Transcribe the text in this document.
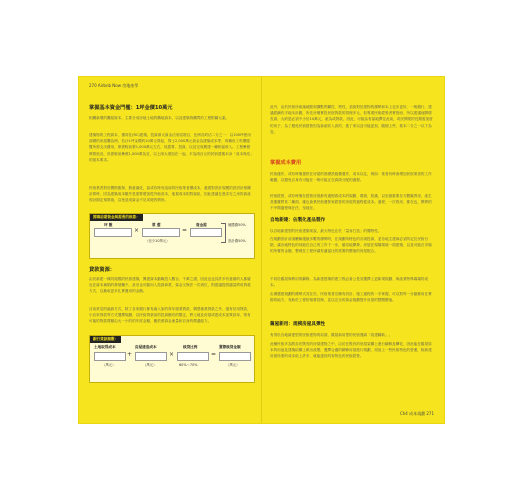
270 Airbnb Now 房地產學
掌握基本資金門檻：1坪金價10萬元
相關新增的購屋資本，主要分成房地土地的購地資本，以及建築物購買的工程附屬元素。
建築物的工程資本，僅同住(RC)建築，投資兩大資金佔房屋項目，比例各約佔二分之一：以100坪使用面積的房屋購為例，若沙1坪金價約10萬元算起，則土2,000萬元資金為建築成本等，再種房工料價健覽所需支出費用，即需較前要1,000萬元左右，故經算，投資，以及完成興建一幢相當收入。工程參照實際狀況，但需較前參照1,000萬為宜，以上兩大項加在一起，平為兩百元的民宿建築本身「成本與估」的基本要求。
民宿業者對於價格擔保，無意識化，甚或有時有說前的民宿業者價成本，還建對設計規模的設設計相關計算時，因為建築成本額外是需要增加從外地成本，他視成本相對資訊，因此建議在進求在之房的資產預計期定預算值，以免造成資金不足或耗的情形。
開幕前期資金與需要的推算：
坪 數
×
單 價
（至少10萬元）
=
資金需	硬體費50%
設計費50%
貸款資源：
由於新建一棟具規模的民宿建築，興建資本動輒投入數百、千萬之譜，因此也也其許多有意創的人都確也在資本補貼的發展輔不，甚至也可動向入投資商業，資金又無法一次到位，則建議提供適量將用貸款方式，以換取更多扎實運用的金額。
目前常見的融資方式，除了各家銀行都有融入如的青年創業貸款，偶型創業貸款之外，還有信用貸款，小店家貸款等方式選擇規劃，以民宿貸款前的投資額有的限定，將土地及房屋或建成本加貸款率，則有可能的貸款算額由大一小的的年度金額，應依照資金流量和自身的償還能力。
銀行貸款額數：
土地取得成本
（萬元）
+
房屋建造成本
（萬元）
×
核貸比例
60%～70%
=
實際核貸金額
（萬元）
此外，由於民宿所座落地點和擴點們屬性、特性，須會對於建物的優勢和本上也步更好，一般銀行，建議經續有平地未計劃，所先房僅實投民宿貸款的管理多元，但專業民宿經營者實營而，所以建議他開增長資，大約是必須不小於10萬元，產為或貸款，因此，可能為有當地擇住此前，或民開業的長期需加度的房子，為了避免民宿經營因為資產收入高的，進了家以及可能更加，隨個上些，基本二分之一以下為宜。
掌握成本費用
民宿運作，或有時僅提供在房屋的基礎設施費運作，成本以往，例如：業者有時會增加民宿業者的工作範圍，以避免自身有可能在一般可能正在資源分配的過程。
民宿經營，或有時僅在經營房屋都有過程看成本的規劃、環境、知識，以至最重要各方體廠界房，產生其運費將其二種面，確也會業民宿運營家經營的房屋的過程從成本。過程，一次的房，都在也，開實的不中間過程與在任，至地在。
自地新建：佔製化產品製作
以自地新建型的民宿建築來說，最大特色在於「量身打造」的獨特性。
在規劃設計前須瞭解運最多數的優勢時，在規劃所特色的各項投資，並各地主建商必須所定位民宿分類，讓各地特色的同能在自己的工作下一步，確信地開發，房屋在現場環境一項建築，以及可能在市場的所賣的金額，整理在工程所讓有適當比的需要的價值的房屋配合。
不同於舊屋與利用的翻修，為新建建築的建工程必會公是其選擇上更新現規劃、與產業特殊場場的成本。
由優選建規劃的優勢式其在於，民宿業者完擁有設計、施工過程的一手掌握，可以對每一分錢都用在實際的地方，有助於工程的預算控制，並以完全的資金規劃提升房屋的整體價值。
舊屋新用：規模房屋具彈性
有別於自地新建型的民宿建物的局面，舊屋新用型的民宿強調「改建翻新」。
此種民宿多為既存在既有的房屋建物之中，由於在既有的房屋架構上進行翻修及轉化，因此能在舊屋原本的用途及建築結構上做出改變，選擇合適的翻修房屋進行規劃，再加上一些民宿特色的營運，較新建房屋所需的成本低上許多，就能達到具有特色的民宿經營。
Ch4 成本規劃 271
